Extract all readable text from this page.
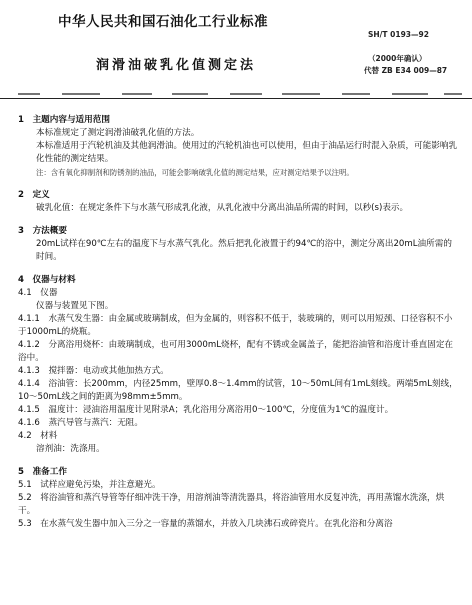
中华人民共和国石油化工行业标准
SH/T 0193—92
（2000年确认）
代替 ZB E34 009—87
润滑油破乳化值测定法

1　主题内容与适用范围

本标准规定了测定润滑油破乳化值的方法。

本标准适用于汽轮机油及其他润滑油。使用过的汽轮机油也可以使用，但由于油品运行时混入杂质，可能影响乳化性能的测定结果。

注：含有氧化抑制剂和防锈剂的油品，可能会影响破乳化值的测定结果，应对测定结果予以注明。

2　定义

破乳化值：在规定条件下与水蒸气形成乳化液，从乳化液中分离出油品所需的时间，以秒(s)表示。

3　方法概要

20mL试样在90℃左右的温度下与水蒸气乳化。然后把乳化液置于约94℃的浴中，测定分离出20mL油所需的时间。

4　仪器与材料

4.1　仪器

仪器与装置见下图。

4.1.1　水蒸气发生器：由金属或玻璃制成，但为金属的，则容积不低于，装玻璃的，则可以用短颈、口径容积不小于1000mL的烧瓶。

4.1.2　分离浴用烧杯：由玻璃制成，也可用3000mL烧杯，配有不锈或金属盖子，能把浴油管和浴度计垂直固定在浴中。

4.1.3　搅拌器：电动或其他加热方式。

4.1.4　浴油管：长200mm，内径25mm，壁厚0.8～1.4mm的试管，10～50mL间有1mL刻线。两端5mL刻线，10～50mL线之间的距离为98mm±5mm。

4.1.5　温度计：浸油浴用温度计见附录A；乳化浴用分离浴用0～100℃，分度值为1℃的温度计。

4.1.6　蒸汽导管与蒸汽：无阻。

4.2　材料

溶剂油：洗涤用。

5　准备工作

5.1　试样应避免污染，并注意避光。

5.2　将浴油管和蒸汽导管等仔细冲洗干净，用溶剂油等清洗器具，将浴油管用水反复冲洗，再用蒸馏水洗涤，烘干。

5.3　在水蒸气发生器中加入三分之一容量的蒸馏水，并放入几块沸石或碎瓷片。在乳化浴和分离浴
